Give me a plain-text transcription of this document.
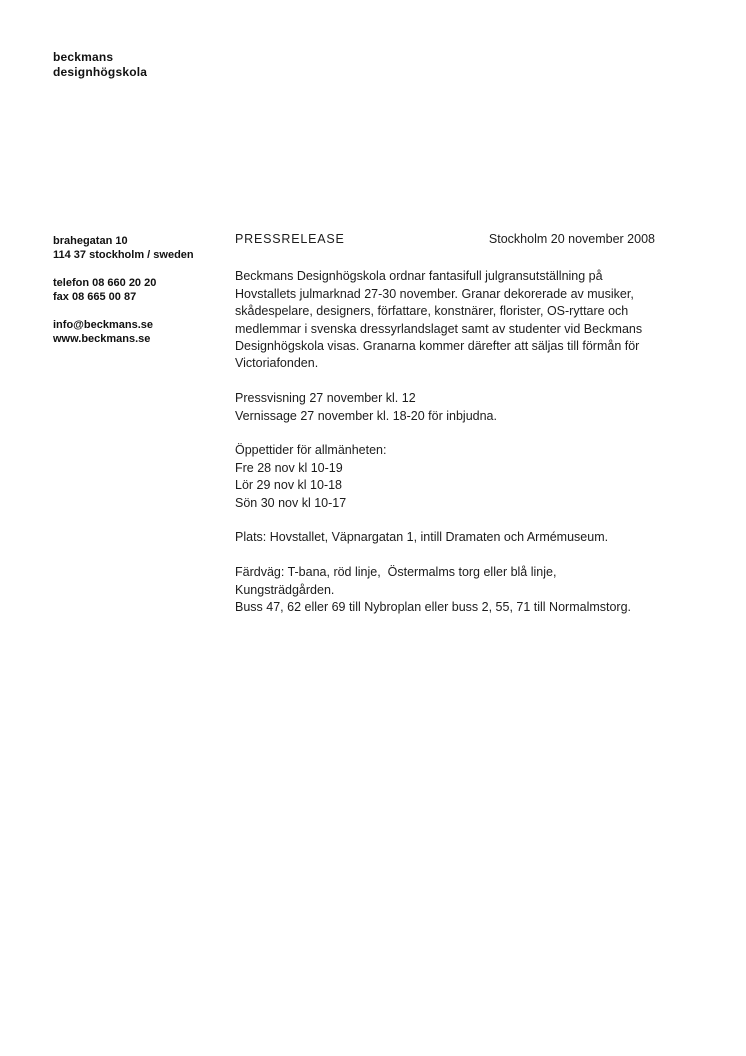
beckmans
designhögskola
brahegatan 10
114 37 stockholm / sweden
telefon 08 660 20 20
fax 08 665 00 87
info@beckmans.se
www.beckmans.se
PRESSRELEASE	Stockholm 20 november 2008

Beckmans Designhögskola ordnar fantasifull julgransutställning på Hovstallets julmarknad 27-30 november. Granar dekorerade av musiker, skådespelare, designers, författare, konstnärer, florister, OS-ryttare och medlemmar i svenska dressyrlandslaget samt av studenter vid Beckmans Designhögskola visas. Granarna kommer därefter att säljas till förmån för Victoriafonden.

Pressvisning 27 november kl. 12
Vernissage 27 november kl. 18-20 för inbjudna.
Öppettider för allmänheten:
Fre 28 nov kl 10-19
Lör 29 nov kl 10-18
Sön 30 nov kl 10-17
Plats: Hovstallet, Väpnargatan 1, intill Dramaten och Armémuseum.
Färdväg: T-bana, röd linje,  Östermalms torg eller blå linje, Kungsträdgården.
Buss 47, 62 eller 69 till Nybroplan eller buss 2, 55, 71 till Normalmstorg.
